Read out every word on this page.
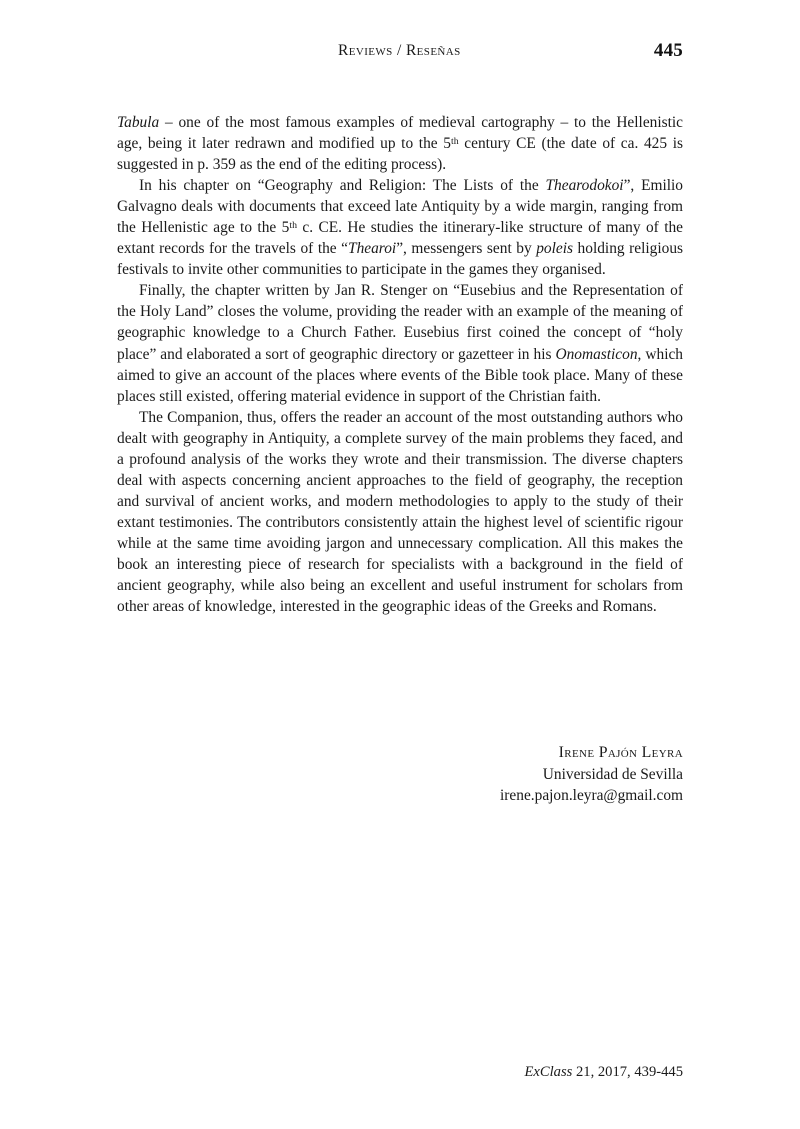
Reviews / Reseñas	445

Tabula – one of the most famous examples of medieval cartography – to the Hellenistic age, being it later redrawn and modified up to the 5th century CE (the date of ca. 425 is suggested in p. 359 as the end of the editing process).

In his chapter on “Geography and Religion: The Lists of the Thearodokoi”, Emilio Galvagno deals with documents that exceed late Antiquity by a wide margin, ranging from the Hellenistic age to the 5th c. CE. He studies the itinerary-like structure of many of the extant records for the travels of the “Thearoi”, messengers sent by poleis holding religious festivals to invite other communities to participate in the games they organised.

Finally, the chapter written by Jan R. Stenger on “Eusebius and the Representation of the Holy Land” closes the volume, providing the reader with an example of the meaning of geographic knowledge to a Church Father. Eusebius first coined the concept of “holy place” and elaborated a sort of geographic directory or gazetteer in his Onomasticon, which aimed to give an account of the places where events of the Bible took place. Many of these places still existed, offering material evidence in support of the Christian faith.

The Companion, thus, offers the reader an account of the most outstanding authors who dealt with geography in Antiquity, a complete survey of the main problems they faced, and a profound analysis of the works they wrote and their transmission. The diverse chapters deal with aspects concerning ancient approaches to the field of geography, the reception and survival of ancient works, and modern methodologies to apply to the study of their extant testimonies. The contributors consistently attain the highest level of scientific rigour while at the same time avoiding jargon and unnecessary complication. All this makes the book an interesting piece of research for specialists with a background in the field of ancient geography, while also being an excellent and useful instrument for scholars from other areas of knowledge, interested in the geographic ideas of the Greeks and Romans.

Irene Pajón Leyra
Universidad de Sevilla
irene.pajon.leyra@gmail.com
ExClass 21, 2017, 439-445
